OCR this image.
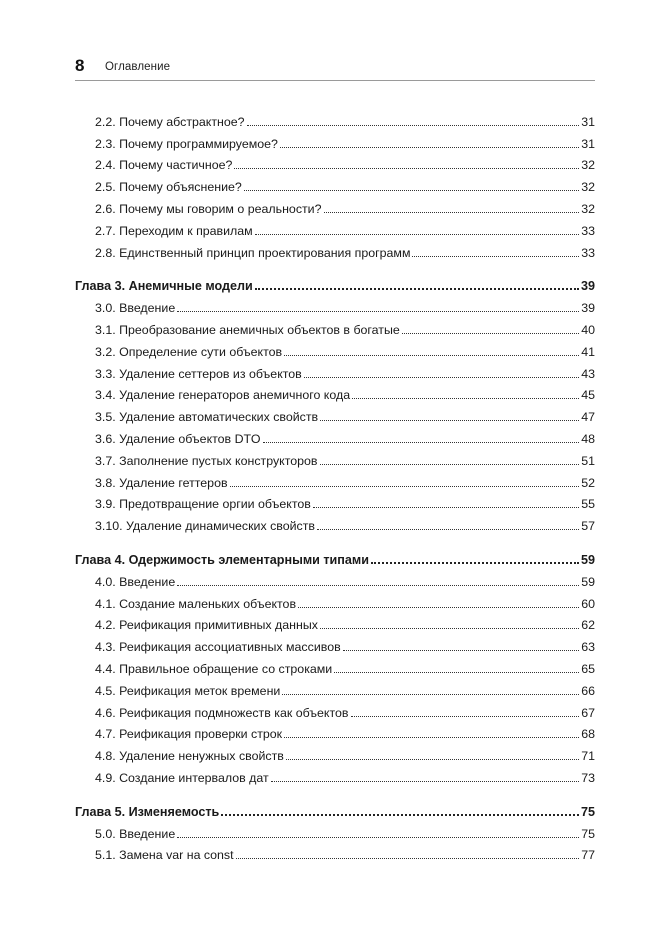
8 Оглавление
2.2. Почему абстрактное?	31
2.3. Почему программируемое?	31
2.4. Почему частичное?	32
2.5. Почему объяснение?	32
2.6. Почему мы говорим о реальности?	32
2.7. Переходим к правилам	33
2.8. Единственный принцип проектирования программ	33
Глава 3. Анемичные модели	39
3.0. Введение	39
3.1. Преобразование анемичных объектов в богатые	40
3.2. Определение сути объектов	41
3.3. Удаление сеттеров из объектов	43
3.4. Удаление генераторов анемичного кода	45
3.5. Удаление автоматических свойств	47
3.6. Удаление объектов DTO	48
3.7. Заполнение пустых конструкторов	51
3.8. Удаление геттеров	52
3.9. Предотвращение оргии объектов	55
3.10. Удаление динамических свойств	57
Глава 4. Одержимость элементарными типами	59
4.0. Введение	59
4.1. Создание маленьких объектов	60
4.2. Реификация примитивных данных	62
4.3. Реификация ассоциативных массивов	63
4.4. Правильное обращение со строками	65
4.5. Реификация меток времени	66
4.6. Реификация подмножеств как объектов	67
4.7. Реификация проверки строк	68
4.8. Удаление ненужных свойств	71
4.9. Создание интервалов дат	73
Глава 5. Изменяемость	75
5.0. Введение	75
5.1. Замена var на const	77
